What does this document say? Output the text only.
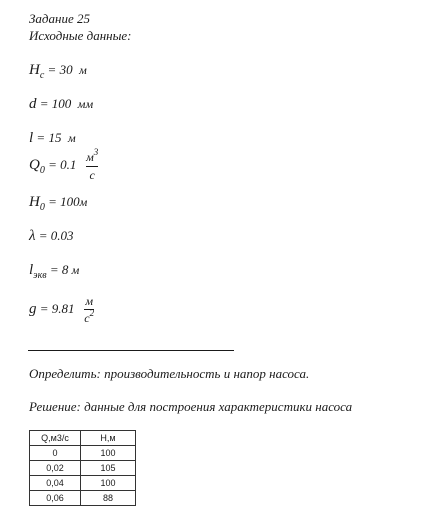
Задание 25
Исходные данные:
$H_c = 30$ м
d = 100 мм
l = 15 м
$Q_0 = 0.1 \frac{м^3}{с}$
$H_0 = 100м$
λ = 0.03
$l_{экв} = 8$ м
$g = 9.81 \frac{м}{с^2}$
Определить: производительность и напор насоса.
Решение: данные для построения характеристики насоса
Q,м3/с	Н,м
0	100
0,02	105
0,04	100
0,06	88
